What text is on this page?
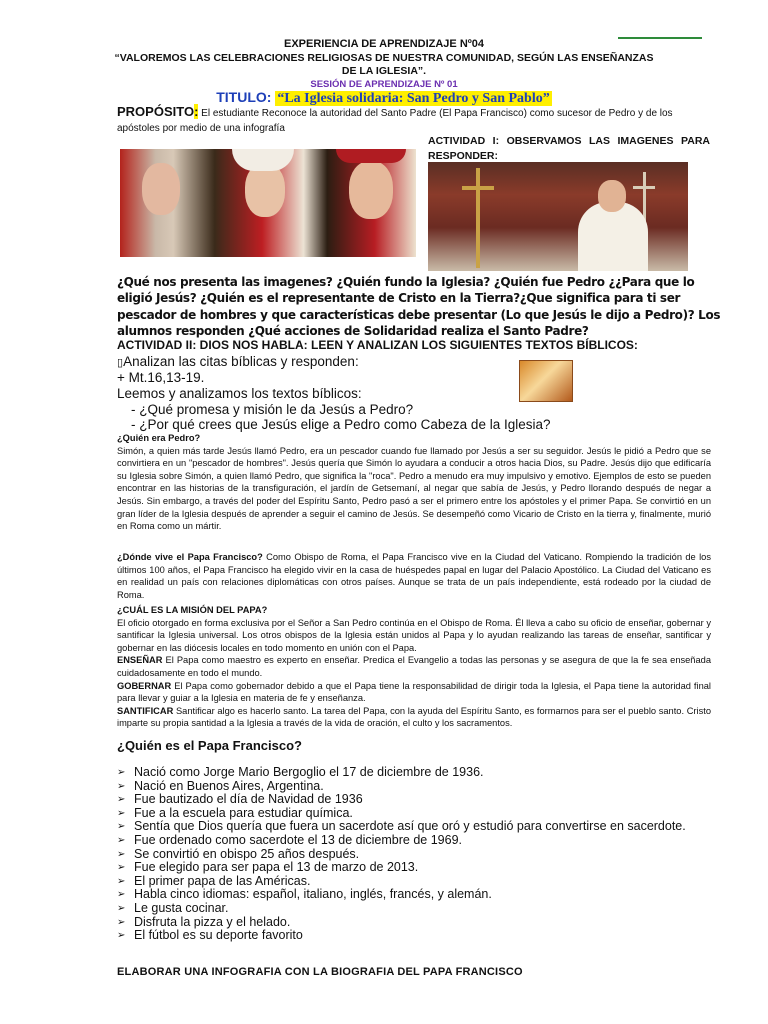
EXPERIENCIA DE APRENDIZAJE Nº04
“VALOREMOS LAS CELEBRACIONES RELIGIOSAS DE NUESTRA COMUNIDAD, SEGÚN LAS ENSEÑANZAS DE LA IGLESIA”.
SESIÓN DE APRENDIZAJE Nº 01
TITULO: “La Iglesia solidaria: San Pedro y San Pablo”
PROPÓSITO: El estudiante Reconoce la autoridad del Santo Padre (El Papa Francisco) como sucesor de Pedro y de los apóstoles por medio de una infografía
ACTIVIDAD I: OBSERVAMOS LAS IMAGENES PARA RESPONDER:
¿Qué nos presenta las imagenes? ¿Quién fundo la Iglesia? ¿Quién fue Pedro ¿¿Para que lo eligió Jesús? ¿Quién es el representante de Cristo en la Tierra?¿Que significa para ti ser pescador de hombres y que características debe presentar (Lo que Jesús le dijo a Pedro)? Los alumnos responden ¿Qué acciones de Solidaridad realiza el Santo Padre?
ACTIVIDAD II: DIOS NOS HABLA: LEEN Y ANALIZAN LOS SIGUIENTES TEXTOS BÍBLICOS:
▯Analizan las citas bíblicas y responden:
+ Mt.16,13-19.
Leemos y analizamos los textos bíblicos:
- ¿Qué promesa y misión le da Jesús a Pedro?
- ¿Por qué crees que Jesús elige a Pedro como Cabeza de la Iglesia?
¿Quién era Pedro?
Simón, a quien más tarde Jesús llamó Pedro, era un pescador cuando fue llamado por Jesús a ser su seguidor. Jesús le pidió a Pedro que se convirtiera en un "pescador de hombres". Jesús quería que Simón lo ayudara a conducir a otros hacia Dios, su Padre. Jesús dijo que edificaría su Iglesia sobre Simón, a quien llamó Pedro, que significa la "roca". Pedro a menudo era muy impulsivo y emotivo. Ejemplos de esto se pueden encontrar en las historias de la transfiguración, el jardín de Getsemaní, al negar que sabía de Jesús, y Pedro llorando después de negar a Jesús. Sin embargo, a través del poder del Espíritu Santo, Pedro pasó a ser el primero entre los apóstoles y el primer Papa. Se convirtió en un gran líder de la Iglesia después de aprender a seguir el camino de Jesús. Se desempeñó como Vicario de Cristo en la tierra y, finalmente, murió en Roma como un mártir.
¿Dónde vive el Papa Francisco? Como Obispo de Roma, el Papa Francisco vive en la Ciudad del Vaticano. Rompiendo la tradición de los últimos 100 años, el Papa Francisco ha elegido vivir en la casa de huéspedes papal en lugar del Palacio Apostólico. La Ciudad del Vaticano es en realidad un país con relaciones diplomáticas con otros países. Aunque se trata de un país independiente, está rodeado por la ciudad de Roma.
¿CUÁL ES LA MISIÓN DEL PAPA?
El oficio otorgado en forma exclusiva por el Señor a San Pedro continúa en el Obispo de Roma. Él lleva a cabo su oficio de enseñar, gobernar y santificar la Iglesia universal. Los otros obispos de la Iglesia están unidos al Papa y lo ayudan realizando las tareas de enseñar, santificar y gobernar en las diócesis locales en todo momento en unión con el Papa.
ENSEÑAR El Papa como maestro es experto en enseñar. Predica el Evangelio a todas las personas y se asegura de que la fe sea enseñada cuidadosamente en todo el mundo.
GOBERNAR El Papa como gobernador debido a que el Papa tiene la responsabilidad de dirigir toda la Iglesia, el Papa tiene la autoridad final para llevar y guiar a la Iglesia en materia de fe y enseñanza.
SANTIFICAR Santificar algo es hacerlo santo. La tarea del Papa, con la ayuda del Espíritu Santo, es formarnos para ser el pueblo santo. Cristo imparte su propia santidad a la Iglesia a través de la vida de oración, el culto y los sacramentos.
¿Quién es el Papa Francisco?
➢ Nació como Jorge Mario Bergoglio el 17 de diciembre de 1936.
➢ Nació en Buenos Aires, Argentina.
➢ Fue bautizado el día de Navidad de 1936
➢ Fue a la escuela para estudiar química.
➢ Sentía que Dios quería que fuera un sacerdote así que oró y estudió para convertirse en sacerdote.
➢ Fue ordenado como sacerdote el 13 de diciembre de 1969.
➢ Se convirtió en obispo 25 años después.
➢ Fue elegido para ser papa el 13 de marzo de 2013.
➢ El primer papa de las Américas.
➢ Habla cinco idiomas: español, italiano, inglés, francés, y alemán.
➢ Le gusta cocinar.
➢ Disfruta la pizza y el helado.
➢ El fútbol es su deporte favorito
ELABORAR UNA INFOGRAFIA CON LA BIOGRAFIA DEL PAPA FRANCISCO
